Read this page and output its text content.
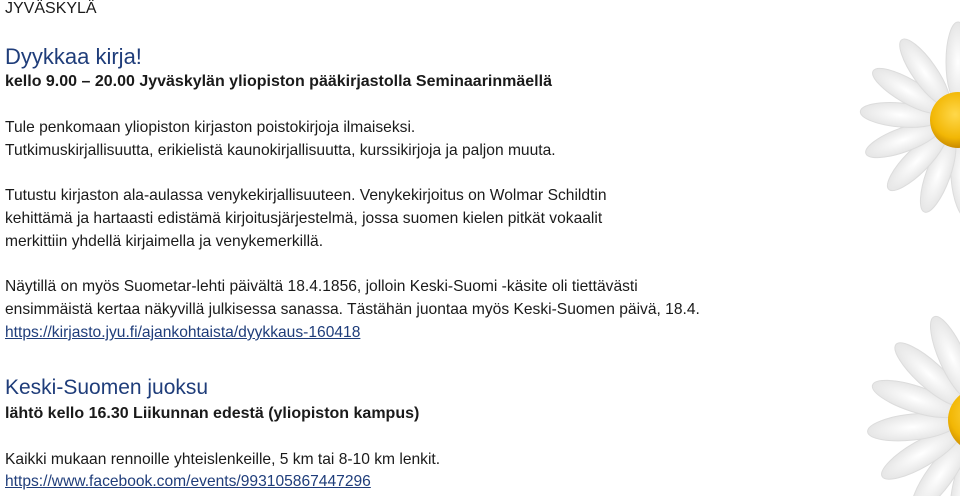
JYVÄSKYLÄ
Dyykkaa kirja!
kello 9.00 – 20.00 Jyväskylän yliopiston pääkirjastolla Seminaarinmäellä
Tule penkomaan yliopiston kirjaston poistokirjoja ilmaiseksi.
Tutkimuskirjallisuutta, erikielistä kaunokirjallisuutta, kurssikirjoja ja paljon muuta.
Tutustu kirjaston ala-aulassa venykekirjallisuuteen. Venykekirjoitus on Wolmar Schildtin
kehittämä ja hartaasti edistämä kirjoitusjärjestelmä, jossa suomen kielen pitkät vokaalit
merkittiin yhdellä kirjaimella ja venykemerkillä.
Näytillä on myös Suometar-lehti päivältä 18.4.1856, jolloin Keski-Suomi -käsite oli tiettävästi
ensimmäistä kertaa näkyvillä julkisessa sanassa. Tästähän juontaa myös Keski-Suomen päivä, 18.4.
https://kirjasto.jyu.fi/ajankohtaista/dyykkaus-160418
Keski-Suomen juoksu
lähtö kello 16.30 Liikunnan edestä (yliopiston kampus)
Kaikki mukaan rennoille yhteislenkeille, 5 km tai 8-10 km lenkit.
https://www.facebook.com/events/993105867447296
